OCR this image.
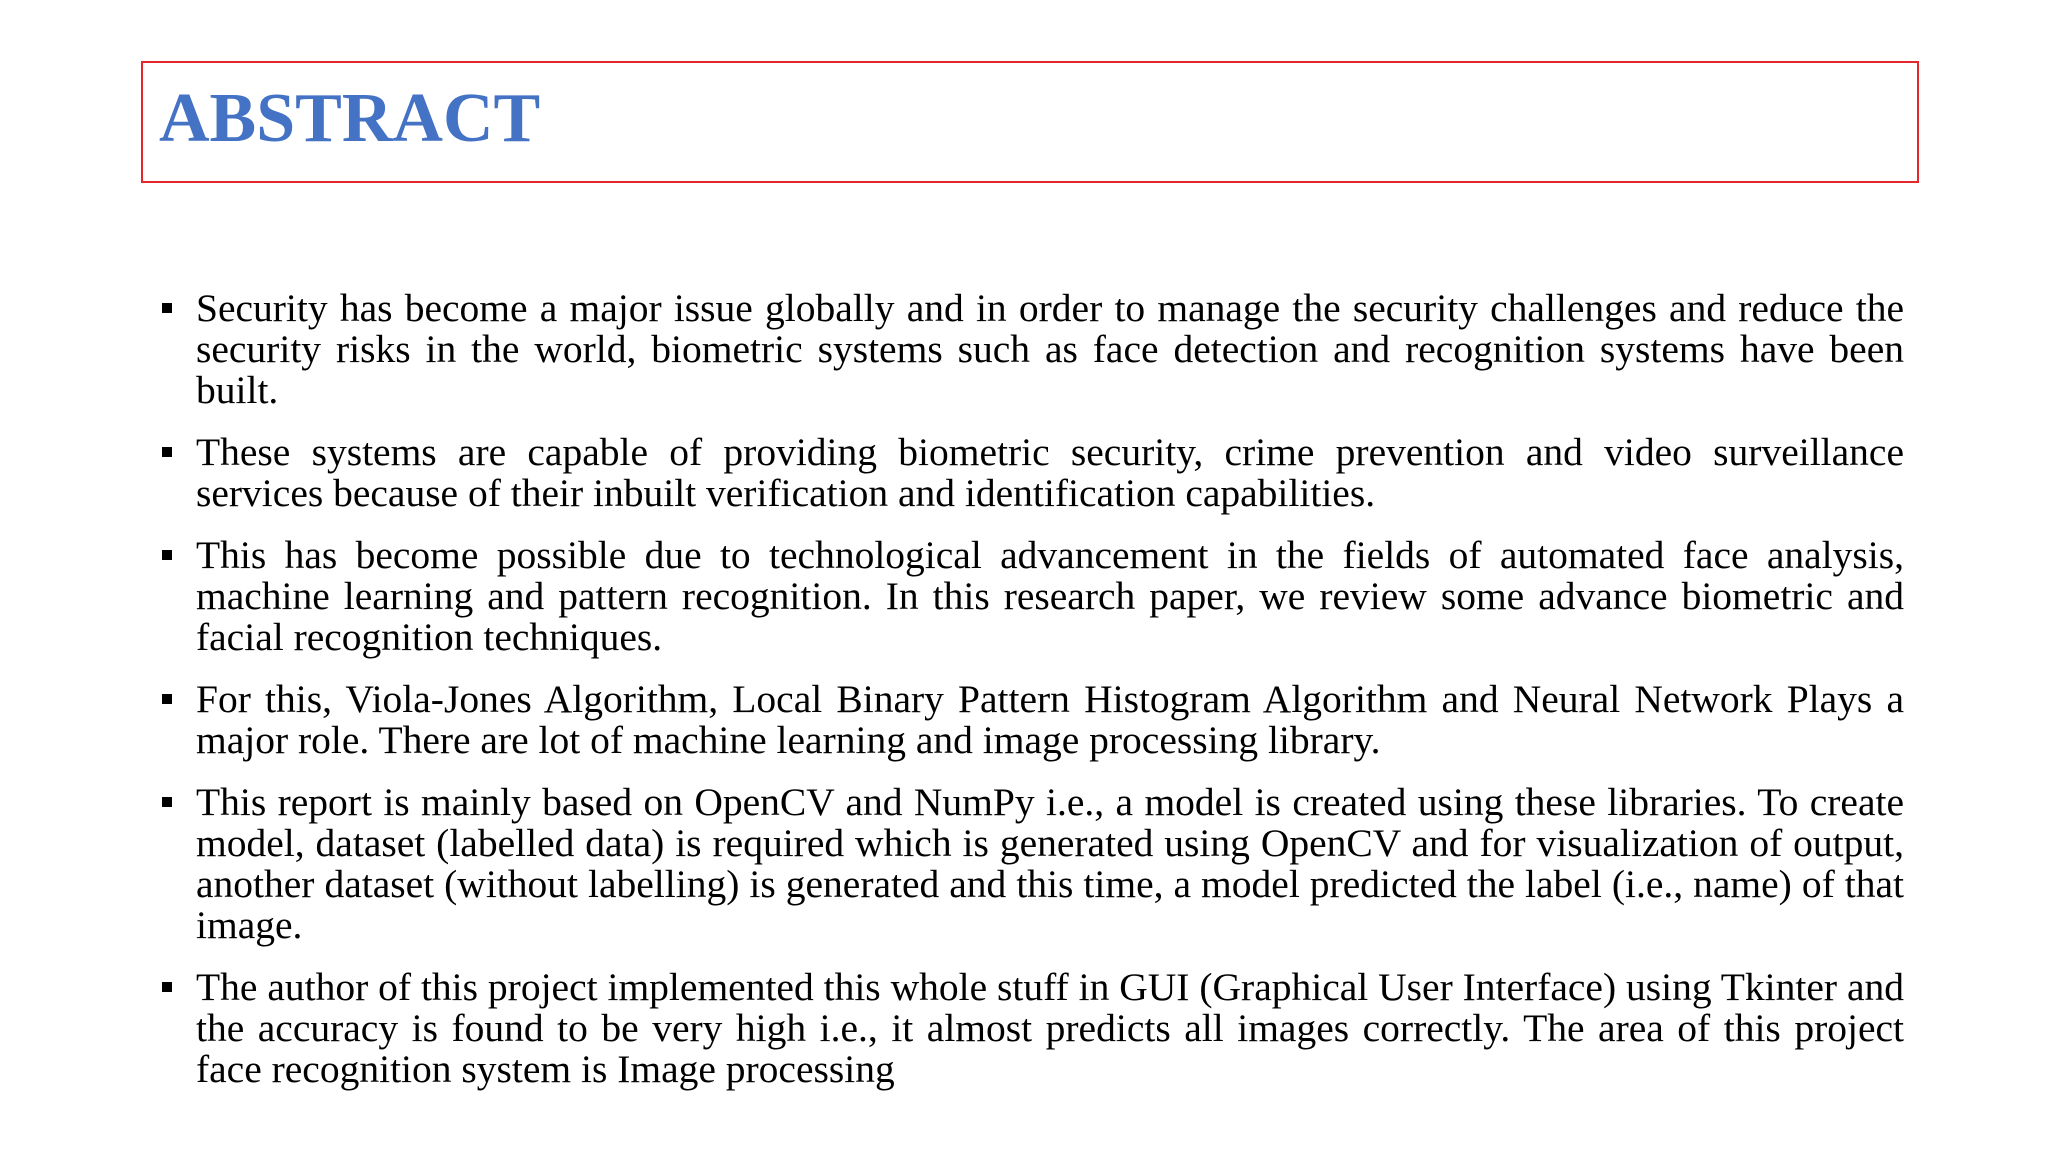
ABSTRACT
Security has become a major issue globally and in order to manage the security challenges and reduce the security risks in the world, biometric systems such as face detection and recognition systems have been built.
These systems are capable of providing biometric security, crime prevention and video surveillance services because of their inbuilt verification and identification capabilities.
This has become possible due to technological advancement in the fields of automated face analysis, machine learning and pattern recognition. In this research paper, we review some advance biometric and facial recognition techniques.
For this, Viola-Jones Algorithm, Local Binary Pattern Histogram Algorithm and Neural Network Plays a major role. There are lot of machine learning and image processing library.
This report is mainly based on OpenCV and NumPy i.e., a model is created using these libraries. To create model, dataset (labelled data) is required which is generated using OpenCV and for visualization of output, another dataset (without labelling) is generated and this time, a model predicted the label (i.e., name) of that image.
The author of this project implemented this whole stuff in GUI (Graphical User Interface) using Tkinter and the accuracy is found to be very high i.e., it almost predicts all images correctly. The area of this project face recognition system is Image processing
